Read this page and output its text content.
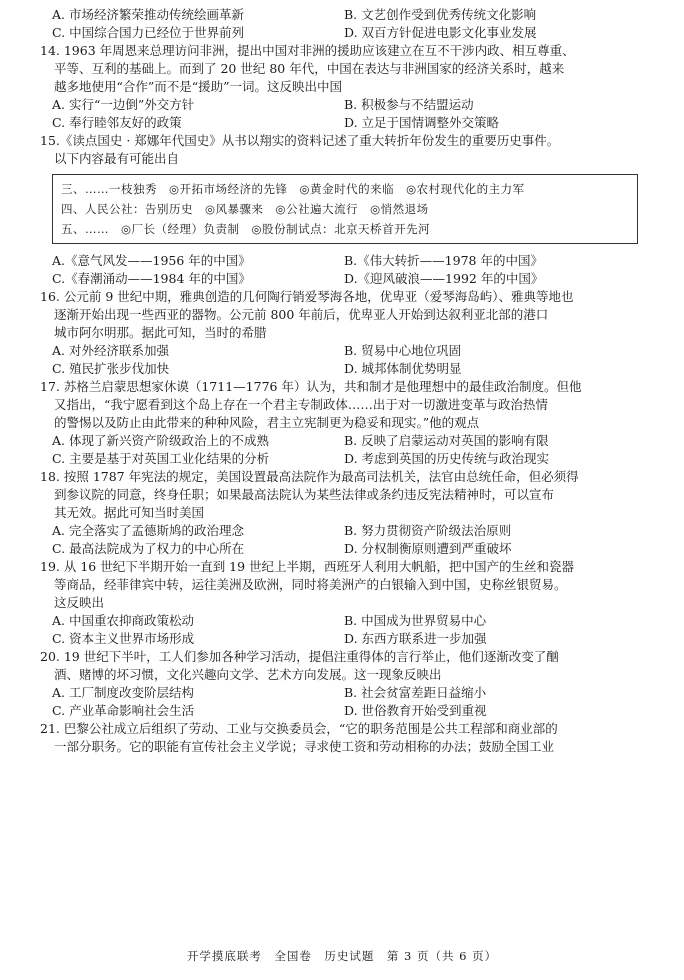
A. 市场经济繁荣推动传统绘画革新	B. 文艺创作受到优秀传统文化影响
C. 中国综合国力已经位于世界前列	D. 双百方针促进电影文化事业发展
14. 1963 年周恩来总理访问非洲，提出中国对非洲的援助应该建立在互不干涉内政、相互尊重、
平等、互利的基础上。而到了 20 世纪 80 年代，中国在表达与非洲国家的经济关系时，越来
越多地使用“合作”而不是“援助”一词。这反映出中国
A. 实行“一边倒”外交方针	B. 积极参与不结盟运动
C. 奉行睦邻友好的政策	D. 立足于国情调整外交策略
15.《读点国史 · 郑娜年代国史》从书以翔实的资料记述了重大转折年份发生的重要历史事件。
以下内容最有可能出自
三、……一枝独秀　◎开拓市场经济的先锋　◎黄金时代的来临　◎农村现代化的主力军
四、人民公社：告别历史　◎风暴骤来　◎公社遍大流行　◎悄然退场
五、……　◎厂长（经理）负责制　◎股份制试点：北京天桥首开先河
A.《意气风发——1956 年的中国》	B.《伟大转折——1978 年的中国》
C.《春潮涌动——1984 年的中国》	D.《迎风破浪——1992 年的中国》
16. 公元前 9 世纪中期，雅典创造的几何陶行销爱琴海各地，优卑亚（爱琴海岛屿）、雅典等地也
逐渐开始出现一些西亚的器物。公元前 800 年前后，优卑亚人开始到达叙利亚北部的港口
城市阿尔明那。据此可知，当时的希腊
A. 对外经济联系加强	B. 贸易中心地位巩固
C. 殖民扩张步伐加快	D. 城邦体制优势明显
17. 苏格兰启蒙思想家休谟（1711—1776 年）认为，共和制才是他理想中的最佳政治制度。但他
又指出，“我宁愿看到这个岛上存在一个君主专制政体……出于对一切激进变革与政治热情
的警惕以及防止由此带来的种种风险，君主立宪制更为稳妥和现实。”他的观点
A. 体现了新兴资产阶级政治上的不成熟	B. 反映了启蒙运动对英国的影响有限
C. 主要是基于对英国工业化结果的分析	D. 考虑到英国的历史传统与政治现实
18. 按照 1787 年宪法的规定，美国设置最高法院作为最高司法机关，法官由总统任命，但必须得
到参议院的同意，终身任职；如果最高法院认为某些法律或条约违反宪法精神时，可以宣布
其无效。据此可知当时美国
A. 完全落实了孟德斯鸠的政治理念	B. 努力贯彻资产阶级法治原则
C. 最高法院成为了权力的中心所在	D. 分权制衡原则遭到严重破坏
19. 从 16 世纪下半期开始一直到 19 世纪上半期，西班牙人利用大帆船，把中国产的生丝和瓷器
等商品，经菲律宾中转，运往美洲及欧洲，同时将美洲产的白银输入到中国，史称丝银贸易。
这反映出
A. 中国重农抑商政策松动	B. 中国成为世界贸易中心
C. 资本主义世界市场形成	D. 东西方联系进一步加强
20. 19 世纪下半叶，工人们参加各种学习活动，提倡注重得体的言行举止，他们逐渐改变了酗
酒、赌博的坏习惯，文化兴趣向文学、艺术方向发展。这一现象反映出
A. 工厂制度改变阶层结构	B. 社会贫富差距日益缩小
C. 产业革命影响社会生活	D. 世俗教育开始受到重视
21. 巴黎公社成立后组织了劳动、工业与交换委员会，“它的职务范围是公共工程部和商业部的
一部分职务。它的职能有宣传社会主义学说；寻求使工资和劳动相称的办法；鼓励全国工业
开学摸底联考　全国卷　历史试题　第 3 页（共 6 页）
